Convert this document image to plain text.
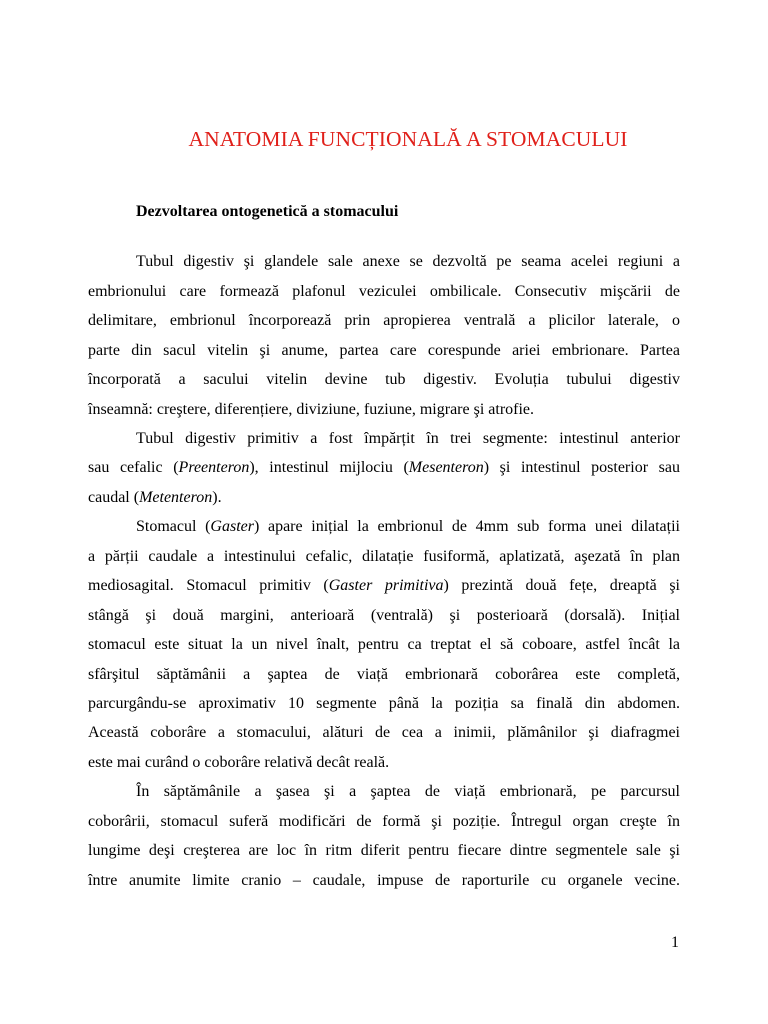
ANATOMIA FUNCȚIONALĂ A STOMACULUI
Dezvoltarea ontogenetică a stomacului
Tubul digestiv şi glandele sale anexe se dezvoltă pe seama acelei regiuni a
embrionului care formează plafonul veziculei ombilicale. Consecutiv mişcării de
delimitare, embrionul încorporează prin apropierea ventrală a plicilor laterale, o
parte din sacul vitelin şi anume, partea care corespunde ariei embrionare. Partea
încorporată a sacului vitelin devine tub digestiv. Evoluția tubului digestiv
înseamnă: creştere, diferențiere, diviziune, fuziune, migrare şi atrofie.
Tubul digestiv primitiv a fost împărțit în trei segmente: intestinul anterior
sau cefalic (Preenteron), intestinul mijlociu (Mesenteron) şi intestinul posterior sau
caudal (Metenteron).
Stomacul (Gaster) apare inițial la embrionul de 4mm sub forma unei dilatații
a părții caudale a intestinului cefalic, dilatație fusiformă, aplatizată, aşezată în plan
mediosagital. Stomacul primitiv (Gaster primitiva) prezintă două fețe, dreaptă şi
stângă şi două margini, anterioară (ventrală) şi posterioară (dorsală). Inițial
stomacul este situat la un nivel înalt, pentru ca treptat el să coboare, astfel încât la
sfârşitul săptămânii a şaptea de viață embrionară coborârea este completă,
parcurgându-se aproximativ 10 segmente până la poziția sa finală din abdomen.
Această coborâre a stomacului, alături de cea a inimii, plămânilor şi diafragmei
este mai curând o coborâre relativă decât reală.
În săptămânile a şasea şi a şaptea de viață embrionară, pe parcursul
coborârii, stomacul suferă modificări de formă şi poziție. Întregul organ creşte în
lungime deşi creşterea are loc în ritm diferit pentru fiecare dintre segmentele sale şi
între anumite limite cranio – caudale, impuse de raporturile cu organele vecine.
1
